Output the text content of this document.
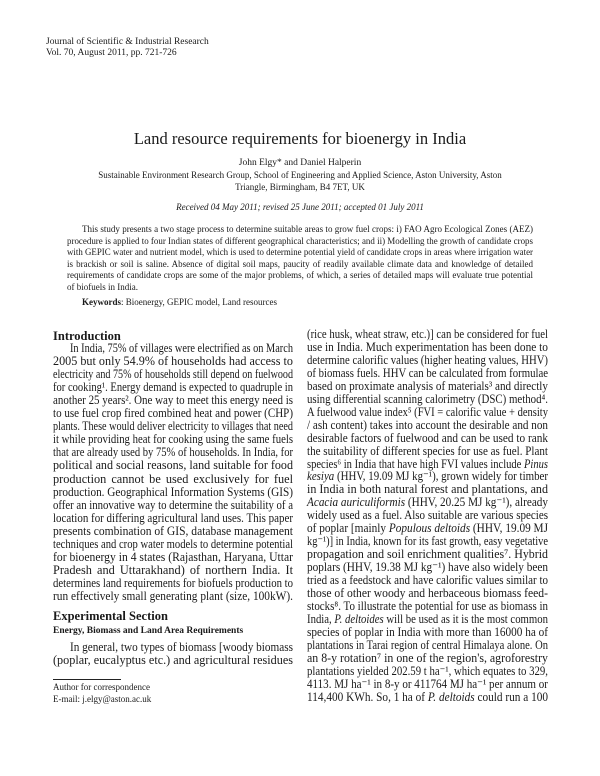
Journal of Scientific & Industrial Research
Vol. 70, August 2011, pp. 721-726
Land resource requirements for bioenergy in India
John Elgy* and Daniel Halperin
Sustainable Environment Research Group, School of Engineering and Applied Science, Aston University, Aston
Triangle, Birmingham, B4 7ET, UK
Received 04 May 2011; revised 25 June 2011; accepted 01 July 2011
This study presents a two stage process to determine suitable areas to grow fuel crops: i) FAO Agro Ecological Zones (AEZ)
procedure is applied to four Indian states of different geographical characteristics; and ii) Modelling the growth of candidate crops
with GEPIC water and nutrient model, which is used to determine potential yield of candidate crops in areas where irrigation water
is brackish or soil is saline. Absence of digital soil maps, paucity of readily available climate data and knowledge of detailed
requirements of candidate crops are some of the major problems, of which, a series of detailed maps will evaluate true potential
of biofuels in India.
Keywords: Bioenergy, GEPIC model, Land resources
Introduction
In India, 75% of villages were electrified as on March
2005 but only 54.9% of households had access to
electricity and 75% of households still depend on fuelwood
for cooking¹. Energy demand is expected to quadruple in
another 25 years². One way to meet this energy need is
to use fuel crop fired combined heat and power (CHP)
plants. These would deliver electricity to villages that need
it while providing heat for cooking using the same fuels
that are already used by 75% of households. In India, for
political and social reasons, land suitable for food
production cannot be used exclusively for fuel
production. Geographical Information Systems (GIS)
offer an innovative way to determine the suitability of a
location for differing agricultural land uses. This paper
presents combination of GIS, database management
techniques and crop water models to determine potential
for bioenergy in 4 states (Rajasthan, Haryana, Uttar
Pradesh and Uttarakhand) of northern India. It
determines land requirements for biofuels production to
run effectively small generating plant (size, 100kW).
Experimental Section
Energy, Biomass and Land Area Requirements
In general, two types of biomass [woody biomass
(poplar, eucalyptus etc.) and agricultural residues
Author for correspondence
E-mail: j.elgy@aston.ac.uk
(rice husk, wheat straw, etc.)] can be considered for fuel
use in India. Much experimentation has been done to
determine calorific values (higher heating values, HHV)
of biomass fuels. HHV can be calculated from formulae
based on proximate analysis of materials³ and directly
using differential scanning calorimetry (DSC) method⁴.
A fuelwood value index⁵ (FVI = calorific value + density
/ ash content) takes into account the desirable and non
desirable factors of fuelwood and can be used to rank
the suitability of different species for use as fuel. Plant
species⁶ in India that have high FVI values include Pinus
kesiya (HHV, 19.09 MJ kg⁻¹), grown widely for timber
in India in both natural forest and plantations, and
Acacia auriculiformis (HHV, 20.25 MJ kg⁻¹), already
widely used as a fuel. Also suitable are various species
of poplar [mainly Populous deltoids (HHV, 19.09 MJ
kg⁻¹)] in India, known for its fast growth, easy vegetative
propagation and soil enrichment qualities⁷. Hybrid
poplars (HHV, 19.38 MJ kg⁻¹) have also widely been
tried as a feedstock and have calorific values similar to
those of other woody and herbaceous biomass feed-
stocks⁸. To illustrate the potential for use as biomass in
India, P. deltoides will be used as it is the most common
species of poplar in India with more than 16000 ha of
plantations in Tarai region of central Himalaya alone. On
an 8-y rotation⁷ in one of the region's, agroforestry
plantations yielded 202.59 t ha⁻¹, which equates to 329,
4113. MJ ha⁻¹ in 8-y or 411764 MJ ha⁻¹ per annum or
114,400 KWh. So, 1 ha of P. deltoids could run a 100
